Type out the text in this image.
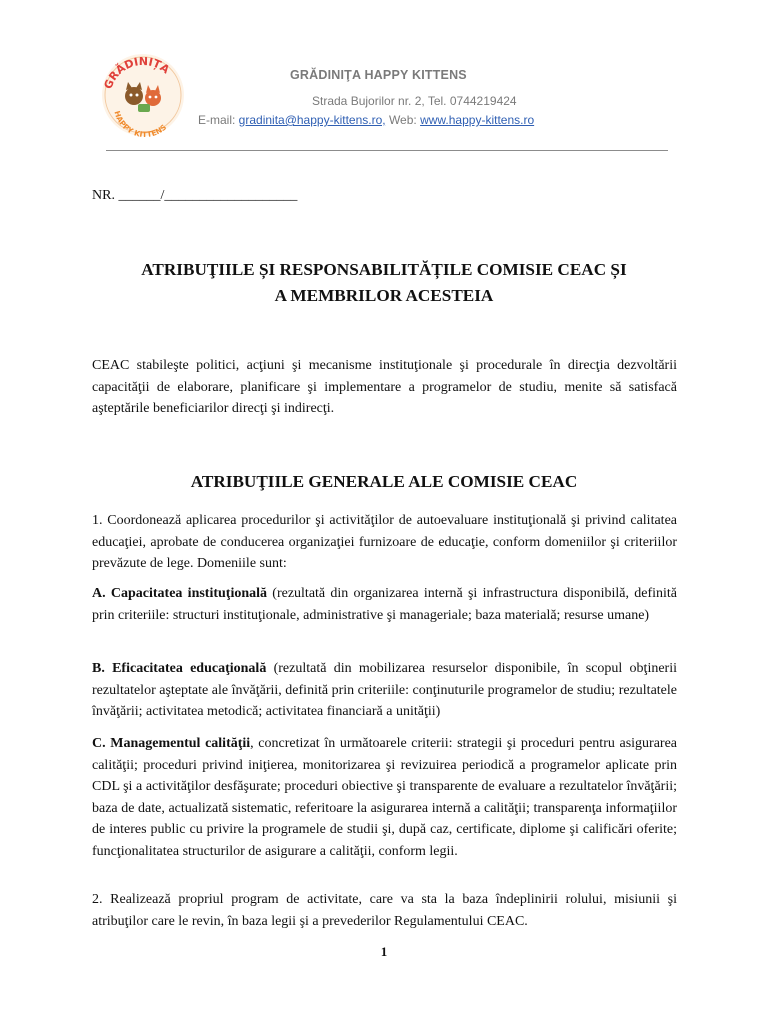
GRĂDINIȚA
HAPPY KITTENS
GRĂDINIŢA HAPPY KITTENS
Strada Bujorilor nr. 2, Tel. 0744219424
E-mail: gradinita@happy-kittens.ro, Web: www.happy-kittens.ro
NR. ______/___________________
ATRIBUŢIILE ȘI RESPONSABILITĂȚILE COMISIE CEAC ȘI
A MEMBRILOR ACESTEIA
CEAC stabileşte politici, acţiuni şi mecanisme instituţionale şi procedurale în direcţia dezvoltării capacităţii de elaborare, planificare şi implementare a programelor de studiu, menite să satisfacă aşteptările beneficiarilor direcţi şi indirecţi.
ATRIBUŢIILE GENERALE ALE COMISIE CEAC
1. Coordonează aplicarea procedurilor şi activităţilor de autoevaluare instituţională şi privind calitatea educaţiei, aprobate de conducerea organizaţiei furnizoare de educaţie, conform domeniilor şi criteriilor prevăzute de lege. Domeniile sunt:
A. Capacitatea instituţională (rezultată din organizarea internă şi infrastructura disponibilă, definită prin criteriile: structuri instituţionale, administrative şi manageriale; baza materială; resurse umane)
B. Eficacitatea educaţională (rezultată din mobilizarea resurselor disponibile, în scopul obţinerii rezultatelor aşteptate ale învăţării, definită prin criteriile: conţinuturile programelor de studiu; rezultatele învăţării; activitatea metodică; activitatea financiară a unităţii)
C. Managementul calităţii, concretizat în următoarele criterii: strategii şi proceduri pentru asigurarea calităţii; proceduri privind iniţierea, monitorizarea şi revizuirea periodică a programelor aplicate prin CDL şi a activităţilor desfăşurate; proceduri obiective şi transparente de evaluare a rezultatelor învăţării; baza de date, actualizată sistematic, referitoare la asigurarea internă a calităţii; transparenţa informaţiilor de interes public cu privire la programele de studii şi, după caz, certificate, diplome şi calificări oferite; funcţionalitatea structurilor de asigurare a calităţii, conform legii.
2. Realizează propriul program de activitate, care va sta la baza îndeplinirii rolului, misiunii şi atribuţilor care le revin, în baza legii şi a prevederilor Regulamentului CEAC.
1
